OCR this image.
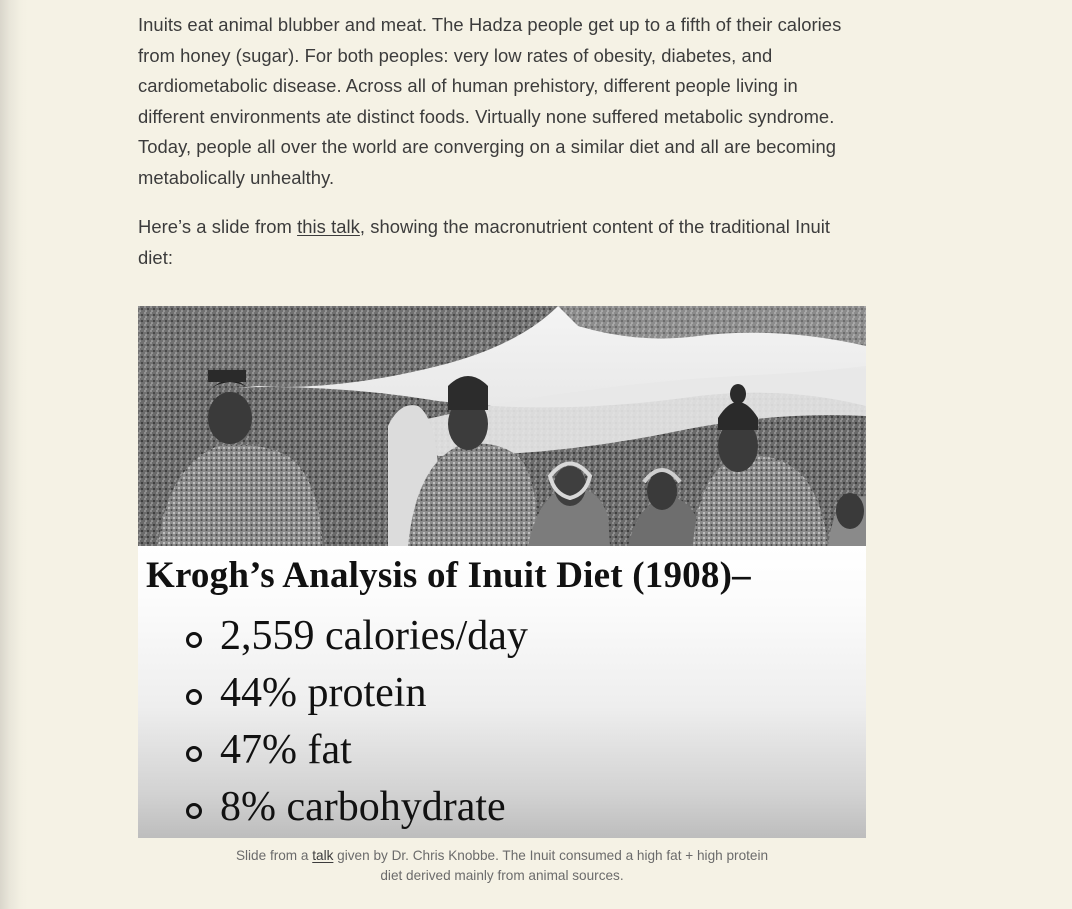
Inuits eat animal blubber and meat. The Hadza people get up to a fifth of their calories from honey (sugar). For both peoples: very low rates of obesity, diabetes, and cardiometabolic disease. Across all of human prehistory, different people living in different environments ate distinct foods. Virtually none suffered metabolic syndrome. Today, people all over the world are converging on a similar diet and all are becoming metabolically unhealthy.

Here’s a slide from this talk, showing the macronutrient content of the traditional Inuit diet:

Krogh’s Analysis of Inuit Diet (1908)–
2,559 calories/day
44% protein
47% fat
8% carbohydrate

Slide from a talk given by Dr. Chris Knobbe. The Inuit consumed a high fat + high protein diet derived mainly from animal sources.
